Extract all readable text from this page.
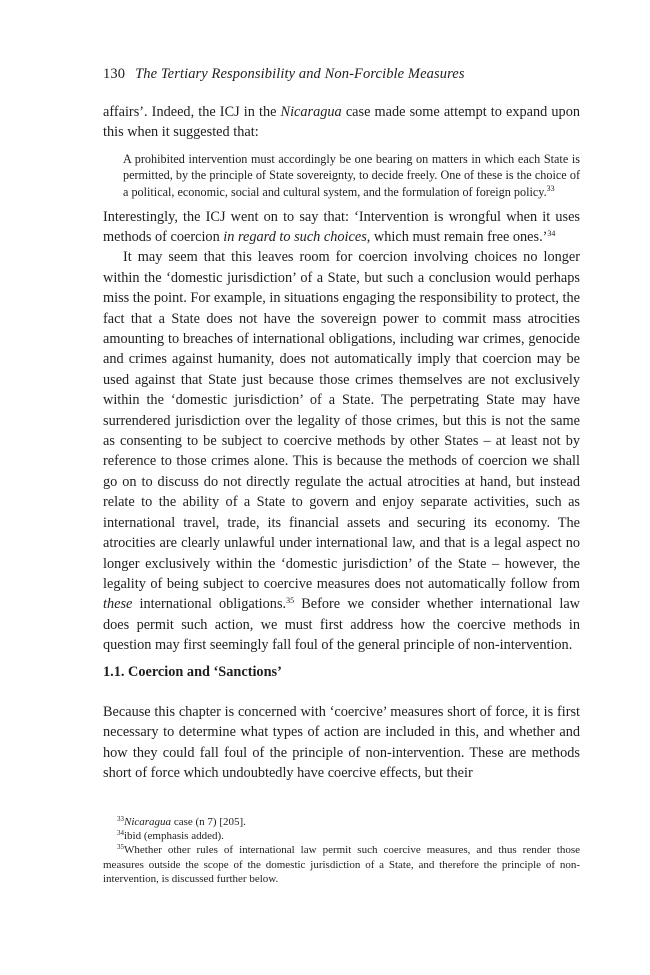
130 The Tertiary Responsibility and Non-Forcible Measures

affairs’. Indeed, the ICJ in the Nicaragua case made some attempt to expand upon this when it suggested that:

A prohibited intervention must accordingly be one bearing on matters in which each State is permitted, by the principle of State sovereignty, to decide freely. One of these is the choice of a political, economic, social and cultural system, and the formulation of foreign policy.$^{33}$

Interestingly, the ICJ went on to say that: ‘Intervention is wrongful when it uses methods of coercion in regard to such choices, which must remain free ones.’$^{34}$

It may seem that this leaves room for coercion involving choices no longer within the ‘domestic jurisdiction’ of a State, but such a conclusion would perhaps miss the point. For example, in situations engaging the responsibility to protect, the fact that a State does not have the sovereign power to commit mass atrocities amounting to breaches of international obligations, including war crimes, genocide and crimes against humanity, does not automatically imply that coercion may be used against that State just because those crimes themselves are not exclusively within the ‘domestic jurisdiction’ of a State. The perpetrating State may have surrendered jurisdiction over the legality of those crimes, but this is not the same as consenting to be subject to coercive methods by other States – at least not by reference to those crimes alone. This is because the methods of coercion we shall go on to discuss do not directly regulate the actual atrocities at hand, but instead relate to the ability of a State to govern and enjoy separate activities, such as international travel, trade, its financial assets and securing its economy. The atrocities are clearly unlawful under international law, and that is a legal aspect no longer exclusively within the ‘domestic jurisdiction’ of the State – however, the legality of being subject to coercive measures does not automatically follow from these international obligations.$^{35}$ Before we consider whether international law does permit such action, we must first address how the coercive methods in question may first seemingly fall foul of the general principle of non-intervention.

1.1. Coercion and ‘Sanctions’

Because this chapter is concerned with ‘coercive’ measures short of force, it is first necessary to determine what types of action are included in this, and whether and how they could fall foul of the principle of non-intervention. These are methods short of force which undoubtedly have coercive effects, but their

$^{33}$Nicaragua case (n 7) [205].

$^{34}$ibid (emphasis added).

$^{35}$Whether other rules of international law permit such coercive measures, and thus render those measures outside the scope of the domestic jurisdiction of a State, and therefore the principle of non-intervention, is discussed further below.
